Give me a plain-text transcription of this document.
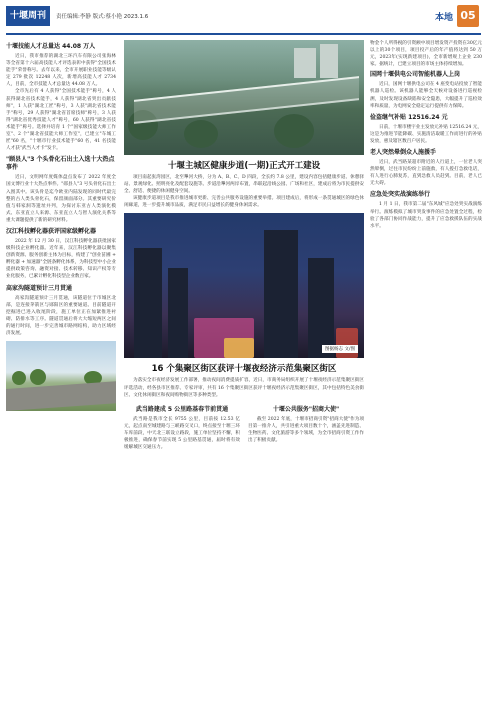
十堰周刊	责任编辑:李静 版式:蔡小艳 2023.1.6	本地 05
十堰技能人才总量达 44.08 万人

近日，我市推荐的湖北三环汽车有限公司张海林等全省第十六届高技能人才评选表彰中获得"全国技术能手"荣誉称号。去年以来，全市开展职业技能等级认定 279 批次 12248 人次，新增高技能人才 2734 人，目前，全市技能人才总量达 44.08 万人。

全市先后有 4 人获得"全国技术能手"称号，4 人获得湖北省技术能手，4 人获得"湖北省突出贡献技师"，1 人获"湖北工匠"称号，3 人获"湖北省技术能手"称号，29 人获得"湖北省首席技师"称号，3 人获得"湖北省优秀技能人才"称号，60 人获得"湖北省技术能手"称号。选择并培育 1 个"国家级技能大师工作室"、2 个"湖北省技能大师工作室"，已建立"车城工匠"60 名，"十堰市行业技术能手"60 名，41 名技能人才获"武当人才卡"发卡。

"顾县人"3 个头骨化石出土入选十大热点事件

近日，文明网年度媒体盘点发布了 2022 年度全国文博行业十大热点事件。"郧县人"3 号头骨化石出土入围其中。该头骨是迄今欧亚内陆发现的同时代最完整的古人类头骨化石，保留颜面部分。其重要研究价值与韩家洞等遗址并列，为探讨东亚古人类演化模式、东亚直立人来源、东亚直立人与智人演化关系等重大课题提供了新的研究材料。

汉江科技孵化器获评国家级孵化器

2022 年 12 月 30 日，汉江科技孵化器获批国家级科技企业孵化器。近年来，汉江科技孵化器以聚集创新资源、服务创新主体为目标，构建了"创业苗圃 + 孵化器 + 加速器"全链条孵化体系，为科技型中小企业提供政策咨询、融资对接、技术转移、知识产权等专业化服务，已累计孵化科技型企业数百家。

高家沟隧道预计三月贯通

高家沟隧道预计三月贯通，该隧道位于市城区北部，是连接茅箭区与郧阳区的重要通道。目前隧道开挖掘进已进入收尾阶段，施工单位正在加紧推进衬砌、防排水等工序。隧道贯通后将大大缩短两区之间的通行时间，进一步完善城市路网结构，助力区域经济发展。

十堰主城区健康步道(一期)正式开工建设

项目南起张湾园区，北至犟河大桥，分为 A、B、C、D 四段，全长约 7.8 公里，建设内容包括健康步道、休憩驿站、景观绿化、照明亮化及配套设施等。步道沿犟河两岸布置，串联起沿线公园、广场和社区，建成后将为市民提供安全、舒适、便捷的休闲健身空间。

该健康步道项目是我市推进城市更新、完善公共服务设施的重要举措。项目建成后，将形成一条贯通城区的绿色休闲廊道，进一步提升城市品质，满足市民日益增长的健身休闲需求。

图据杨志 文/图
16 个集聚区街区获评十堰夜经济示范集聚区街区

为落实全市夜经济发展工作部署，推动夜间消费提质扩容，近日，市商务局组织开展了十堰夜经济示范集聚区街区评选活动，经各县市区推荐、专家评审，共有 16 个集聚区街区获评十堰夜经济示范集聚区街区，其中包括特色美食街区、文化休闲街区和夜间购物街区等多种类型。

武当路建成 5 公里路基春节前贯通

武当路是我市全长 9755 公里，目前按 12.53 亿元，起点南至城建路与三峡路交叉口，终点接至十堰三环车库前段，中天北三联设立路段，施工单位坚持不懈，积极推进，确保春节前实现 5 公里路基贯通，届时将有效缓解城区交通压力。

十堰公共服务"招商大使"

截至 2022 年底，十堰市招商引资"招商大使"作为项目第一推介人，共引进重大项目数十个，涵盖先进制造、生物医药、文化旅游等多个领域，为全市招商引资工作作出了积极贡献。

物金个人所得税的引资额中项目增发资产投资在30亿元以上的30个项目，项目投产后的年产值将达到 50 万元，2023年(实现新建项目)，全市新增规上企业 230 家。据统计，已建立项目的市场主体持续增加。

国网十堰供电公司智能机器人上岗

近日，国网十堰供电公司在 4 座变电站投放了智能机器人巡检。该机器人能够全天候对设备进行巡视检测，及时发现设备缺陷和安全隐患，大幅提升了巡检效率和质量，为电网安全稳定运行提供有力保障。

俭盗继气补贴 12516.24 元

日前，十堰市楼宇业主发放元补贴 12516.24 元，这是为推进节能降碳、实施清洁取暖工作而进行的补贴发放，惠及辖区数百户居民。

老人突然晕倒众人施援手

近日，武当路某超市附近的人行道上，一位老人突然晕倒，过往市民纷纷上前施救，有人拨打急救电话，有人进行心肺复苏，直到急救人员赶到。目前，老人已无大碍。

应急处突实战演练举行

1 月 1 日，我市第二届"东风城"应急处突实战演练举行。演练模拟了城市突发事件的应急处置全过程，检验了各部门协同作战能力，提升了应急救援队伍的实战水平。
